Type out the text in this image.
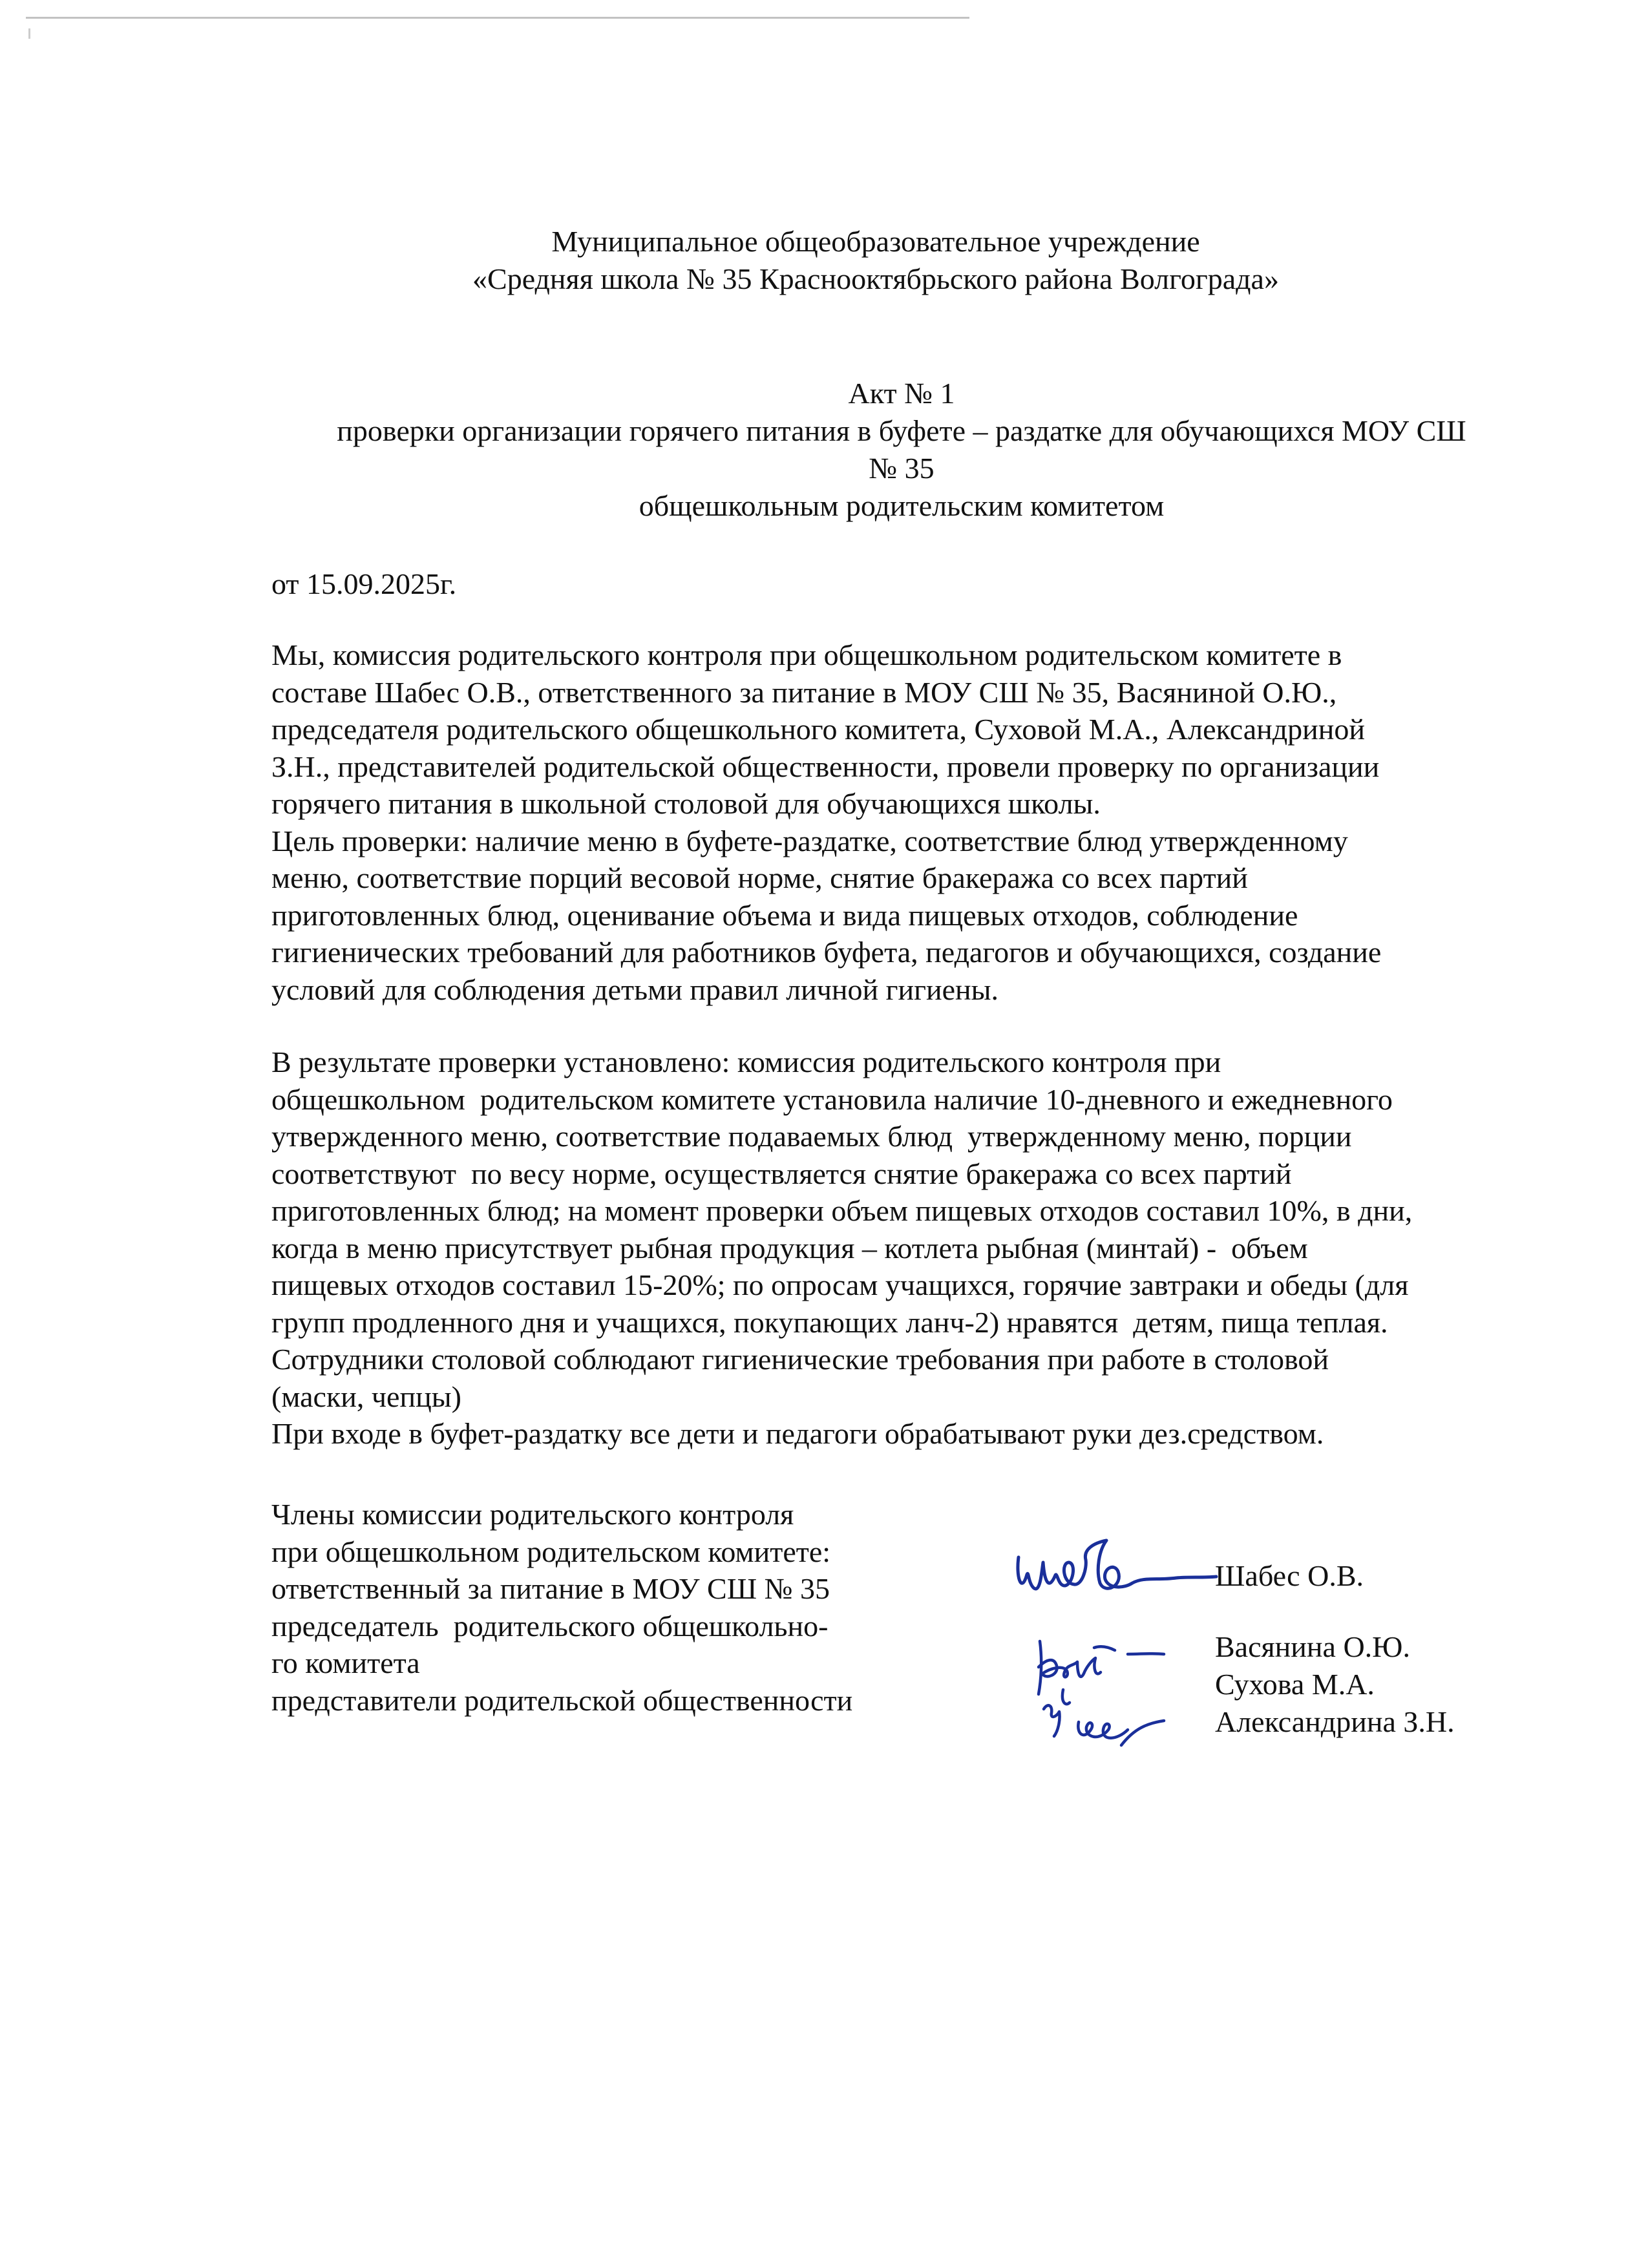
Муниципальное общеобразовательное учреждение
«Средняя школа № 35 Краснооктябрьского района Волгограда»
Акт № 1
проверки организации горячего питания в буфете – раздатке для обучающихся МОУ СШ
№ 35
общешкольным родительским комитетом
от 15.09.2025г.
Мы, комиссия родительского контроля при общешкольном родительском комитете в
составе Шабес О.В., ответственного за питание в МОУ СШ № 35, Васяниной О.Ю.,
председателя родительского общешкольного комитета, Суховой М.А., Александриной
З.Н., представителей родительской общественности, провели проверку по организации
горячего питания в школьной столовой для обучающихся школы.
Цель проверки: наличие меню в буфете-раздатке, соответствие блюд утвержденному
меню, соответствие порций весовой норме, снятие бракеража со всех партий
приготовленных блюд, оценивание объема и вида пищевых отходов, соблюдение
гигиенических требований для работников буфета, педагогов и обучающихся, создание
условий для соблюдения детьми правил личной гигиены.
В результате проверки установлено: комиссия родительского контроля при
общешкольном  родительском комитете установила наличие 10-дневного и ежедневного
утвержденного меню, соответствие подаваемых блюд  утвержденному меню, порции
соответствуют  по весу норме, осуществляется снятие бракеража со всех партий
приготовленных блюд; на момент проверки объем пищевых отходов составил 10%, в дни,
когда в меню присутствует рыбная продукция – котлета рыбная (минтай) -  объем
пищевых отходов составил 15-20%; по опросам учащихся, горячие завтраки и обеды (для
групп продленного дня и учащихся, покупающих ланч-2) нравятся  детям, пища теплая.
Сотрудники столовой соблюдают гигиенические требования при работе в столовой
(маски, чепцы)
При входе в буфет-раздатку все дети и педагоги обрабатывают руки дез.средством.
Члены комиссии родительского контроля
при общешкольном родительском комитете:
ответственный за питание в МОУ СШ № 35
председатель  родительского общешкольно-
го комитета
представители родительской общественности
Шабес О.В.
Васянина О.Ю.
Сухова М.А.
Александрина З.Н.
